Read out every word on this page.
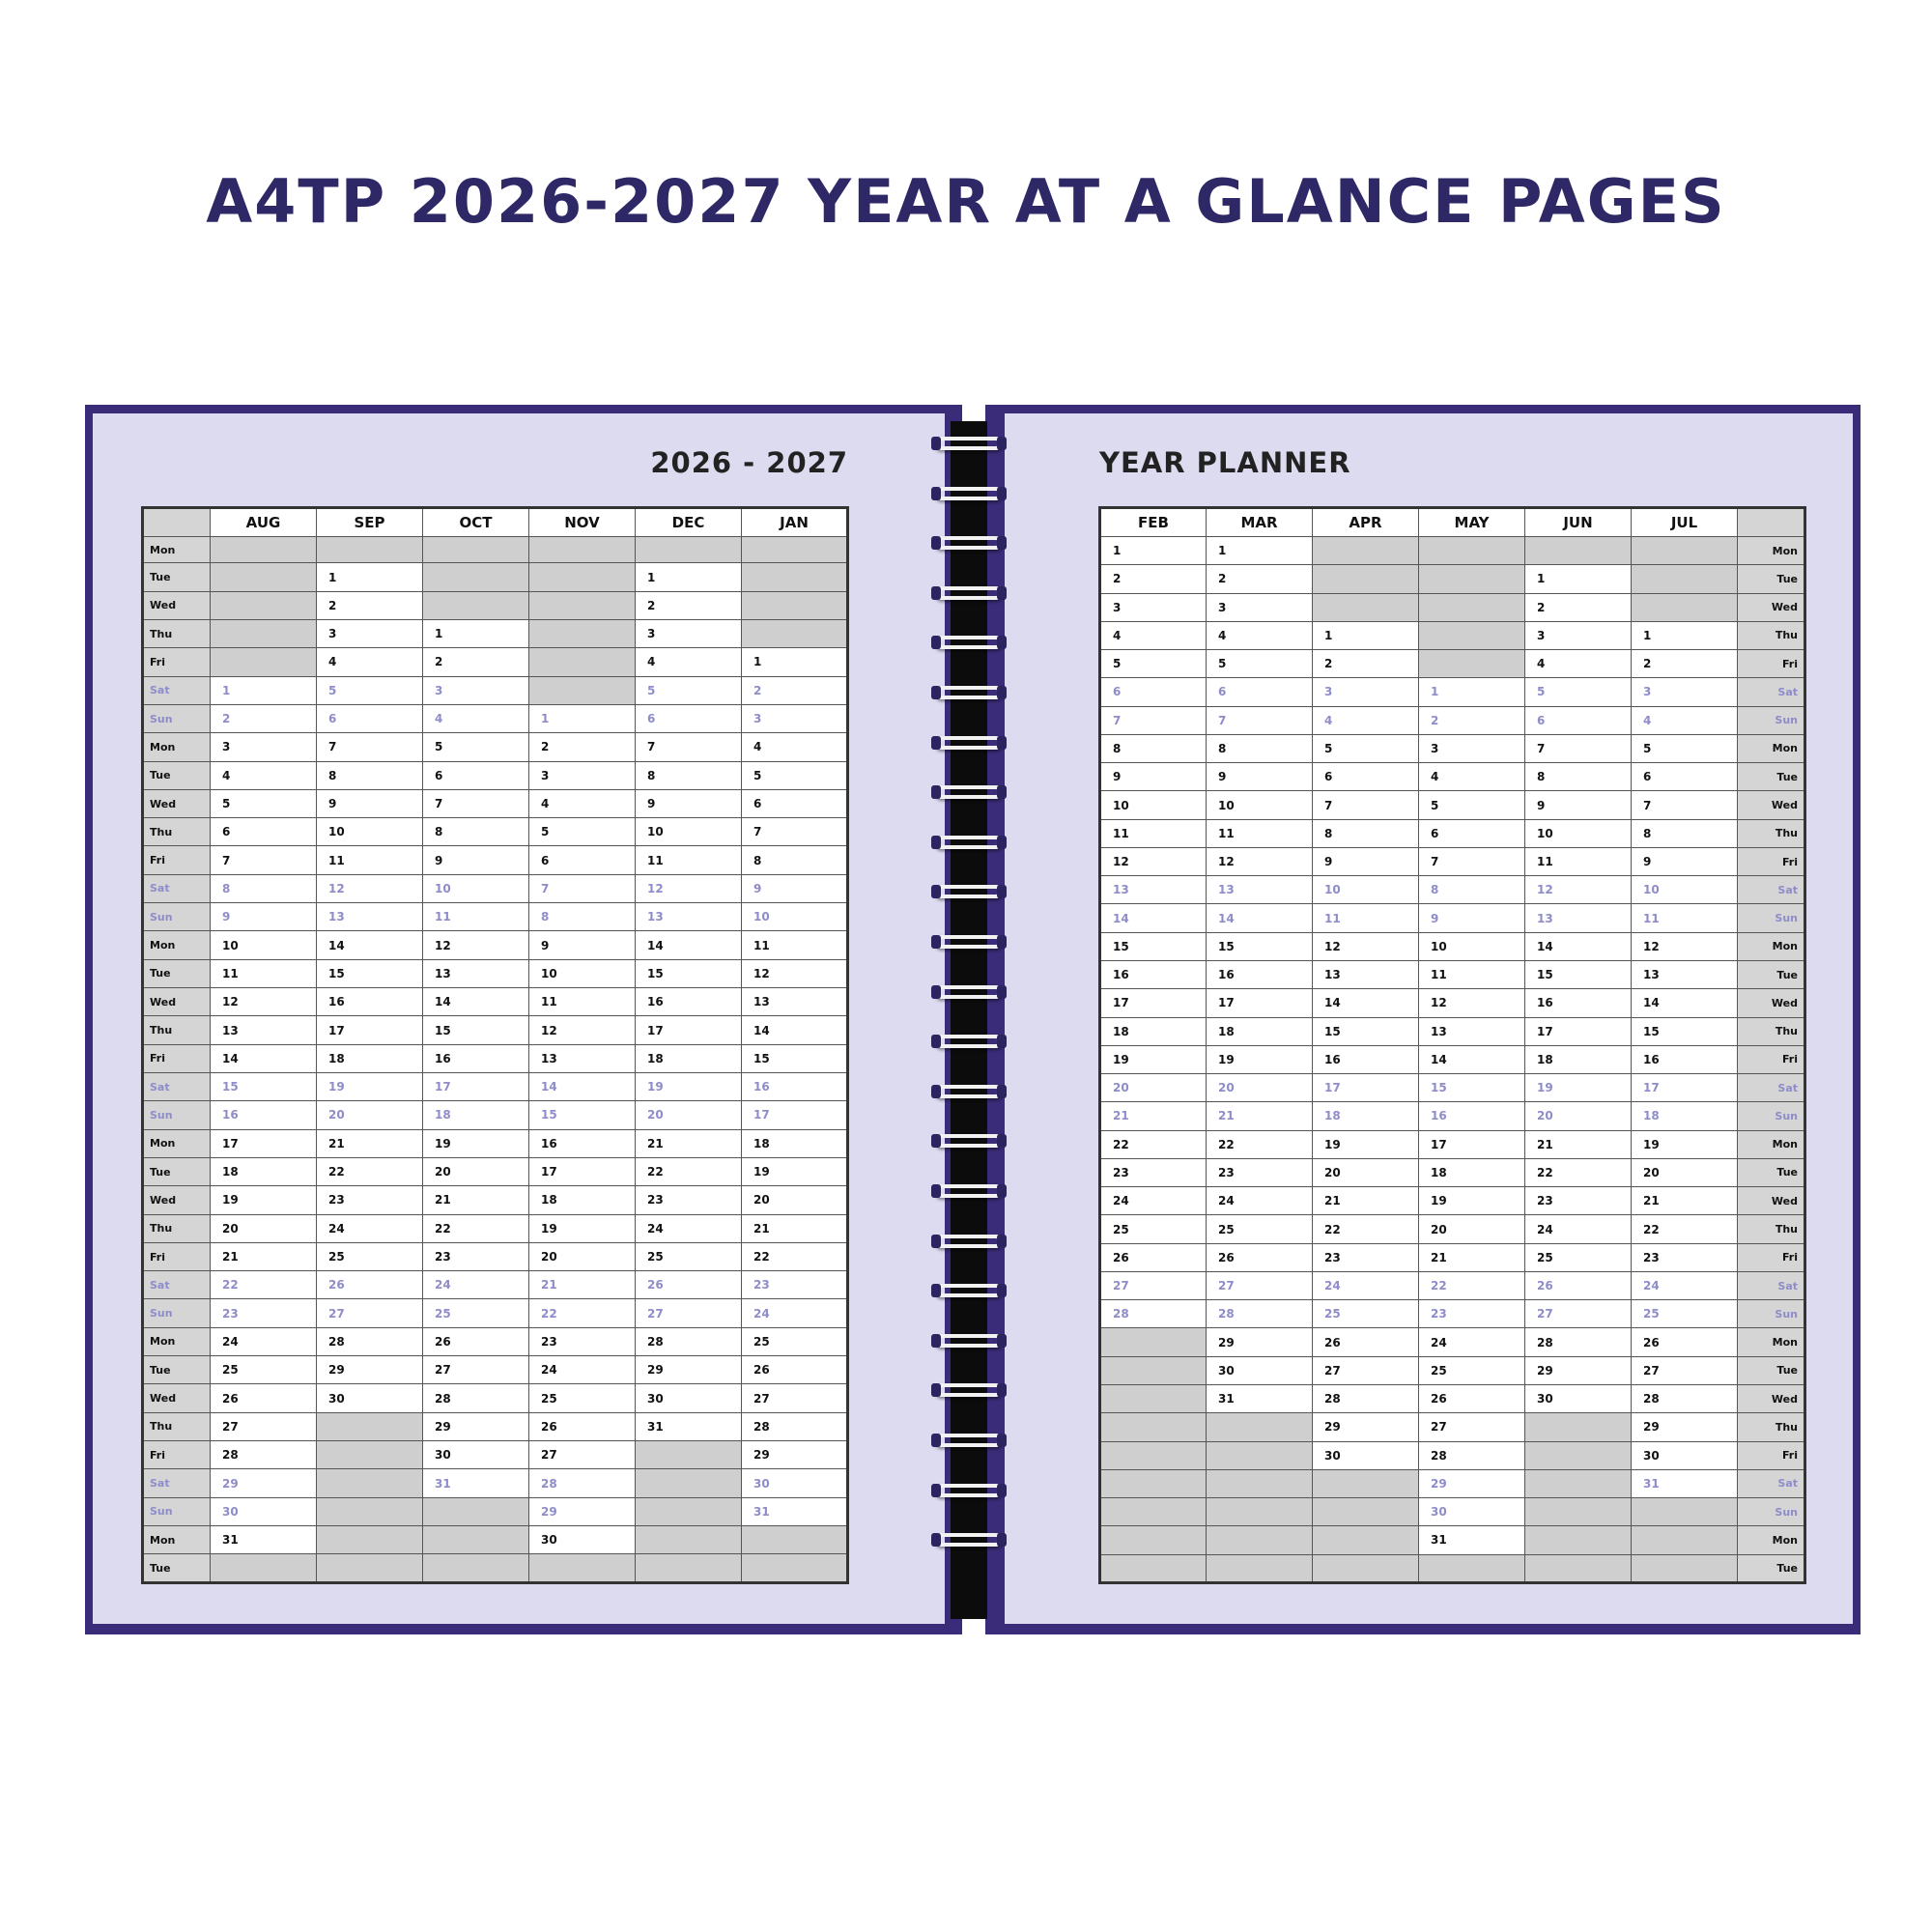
A4TP 2026-2027 YEAR AT A GLANCE PAGES
2026 - 2027	YEAR PLANNER
	AUG	SEP	OCT	NOV	DEC	JAN
Mon						
Tue		1			1	
Wed		2			2	
Thu		3	1		3	
Fri		4	2		4	1
Sat	1	5	3		5	2
Sun	2	6	4	1	6	3
Mon	3	7	5	2	7	4
Tue	4	8	6	3	8	5
Wed	5	9	7	4	9	6
Thu	6	10	8	5	10	7
Fri	7	11	9	6	11	8
Sat	8	12	10	7	12	9
Sun	9	13	11	8	13	10
Mon	10	14	12	9	14	11
Tue	11	15	13	10	15	12
Wed	12	16	14	11	16	13
Thu	13	17	15	12	17	14
Fri	14	18	16	13	18	15
Sat	15	19	17	14	19	16
Sun	16	20	18	15	20	17
Mon	17	21	19	16	21	18
Tue	18	22	20	17	22	19
Wed	19	23	21	18	23	20
Thu	20	24	22	19	24	21
Fri	21	25	23	20	25	22
Sat	22	26	24	21	26	23
Sun	23	27	25	22	27	24
Mon	24	28	26	23	28	25
Tue	25	29	27	24	29	26
Wed	26	30	28	25	30	27
Thu	27		29	26	31	28
Fri	28		30	27		29
Sat	29		31	28		30
Sun	30			29		31
Mon	31			30		
Tue						
FEB	MAR	APR	MAY	JUN	JUL	
1	1					Mon
2	2			1		Tue
3	3			2		Wed
4	4	1		3	1	Thu
5	5	2		4	2	Fri
6	6	3	1	5	3	Sat
7	7	4	2	6	4	Sun
8	8	5	3	7	5	Mon
9	9	6	4	8	6	Tue
10	10	7	5	9	7	Wed
11	11	8	6	10	8	Thu
12	12	9	7	11	9	Fri
13	13	10	8	12	10	Sat
14	14	11	9	13	11	Sun
15	15	12	10	14	12	Mon
16	16	13	11	15	13	Tue
17	17	14	12	16	14	Wed
18	18	15	13	17	15	Thu
19	19	16	14	18	16	Fri
20	20	17	15	19	17	Sat
21	21	18	16	20	18	Sun
22	22	19	17	21	19	Mon
23	23	20	18	22	20	Tue
24	24	21	19	23	21	Wed
25	25	22	20	24	22	Thu
26	26	23	21	25	23	Fri
27	27	24	22	26	24	Sat
28	28	25	23	27	25	Sun
	29	26	24	28	26	Mon
	30	27	25	29	27	Tue
	31	28	26	30	28	Wed
		29	27		29	Thu
		30	28		30	Fri
			29		31	Sat
			30			Sun
			31			Mon
						Tue
